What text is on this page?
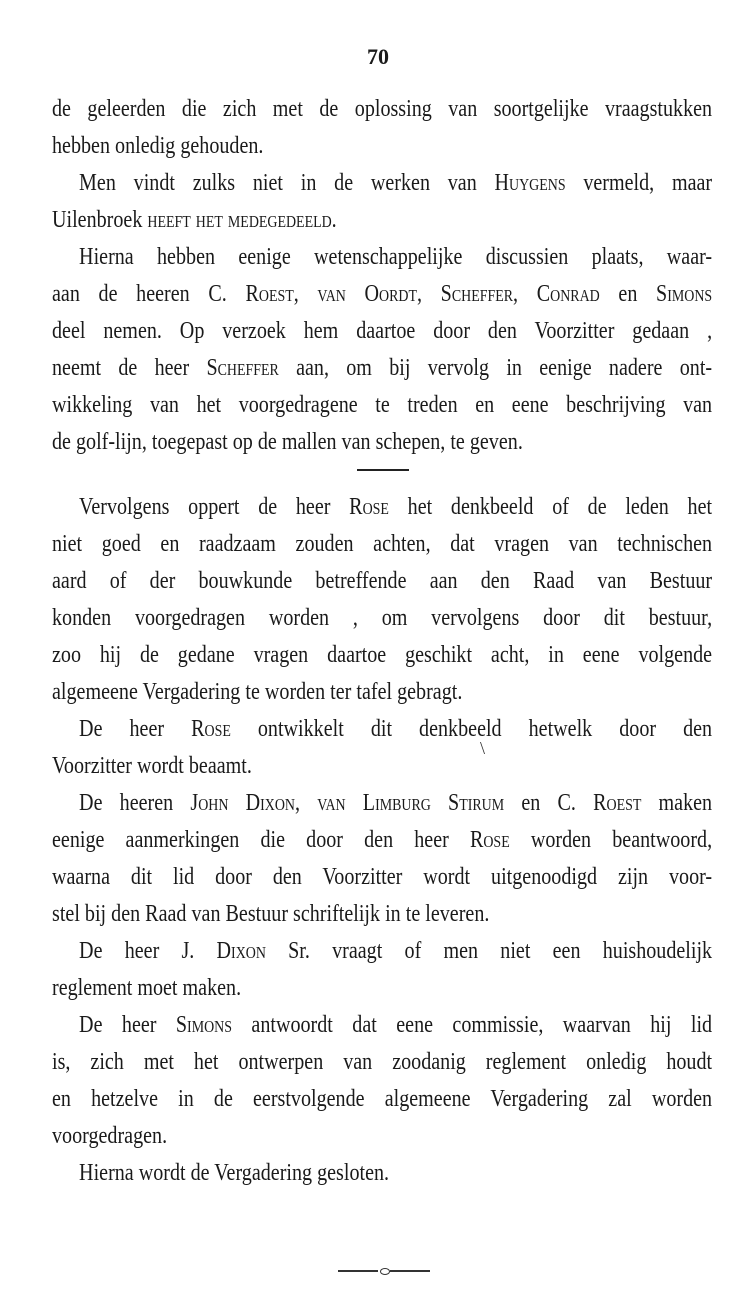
70
de geleerden die zich met de oplossing van soortgelijke vraagstukken
hebben onledig gehouden.
Men vindt zulks niet in de werken van Huygens vermeld, maar
Uilenbroek heeft het medegedeeld.
Hierna hebben eenige wetenschappelijke discussien plaats, waar-
aan de heeren C. Roest, van Oordt, Scheffer, Conrad en Simons
deel nemen. Op verzoek hem daartoe door den Voorzitter gedaan ,
neemt de heer Scheffer aan, om bij vervolg in eenige nadere ont-
wikkeling van het voorgedragene te treden en eene beschrijving van
de golf-lijn, toegepast op de mallen van schepen, te geven.
Vervolgens oppert de heer Rose het denkbeeld of de leden het
niet goed en raadzaam zouden achten, dat vragen van technischen
aard of der bouwkunde betreffende aan den Raad van Bestuur
konden voorgedragen worden , om vervolgens door dit bestuur,
zoo hij de gedane vragen daartoe geschikt acht, in eene volgende
algemeene Vergadering te worden ter tafel gebragt.
De heer Rose ontwikkelt dit denkbeeld hetwelk door den
Voorzitter wordt beaamt.
De heeren John Dixon, van Limburg Stirum en C. Roest maken
eenige aanmerkingen die door den heer Rose worden beantwoord,
waarna dit lid door den Voorzitter wordt uitgenoodigd zijn voor-
stel bij den Raad van Bestuur schriftelijk in te leveren.
De heer J. Dixon Sr. vraagt of men niet een huishoudelijk
reglement moet maken.
De heer Simons antwoordt dat eene commissie, waarvan hij lid
is, zich met het ontwerpen van zoodanig reglement onledig houdt
en hetzelve in de eerstvolgende algemeene Vergadering zal worden
voorgedragen.
Hierna wordt de Vergadering gesloten.
\
